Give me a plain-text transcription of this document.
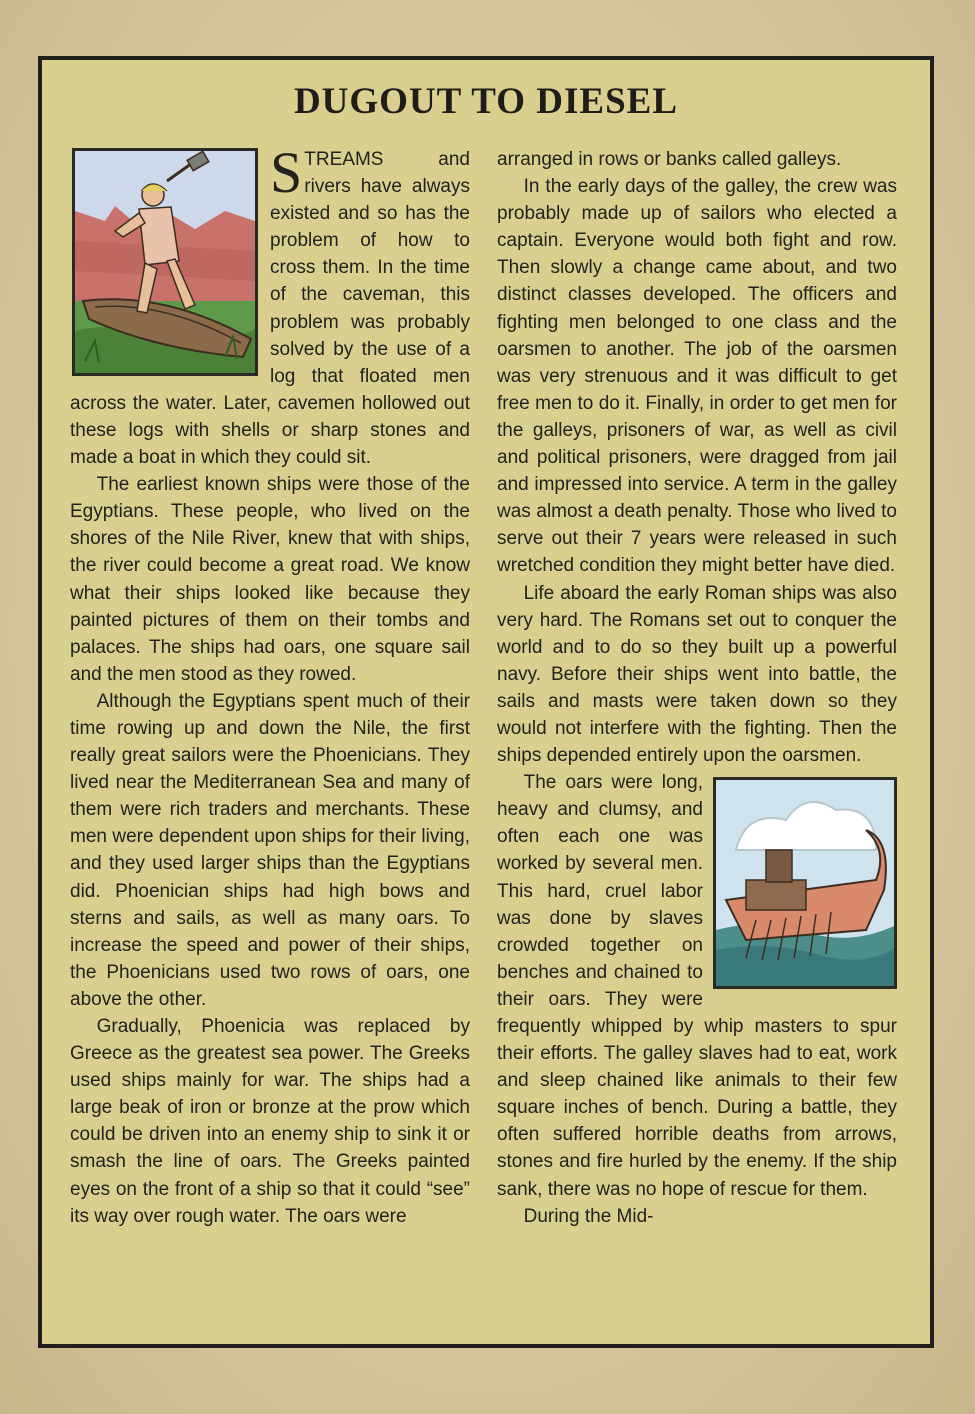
DUGOUT TO DIESEL

STREAMS and rivers have always existed and so has the problem of how to cross them. In the time of the caveman, this problem was probably solved by the use of a log that floated men across the water. Later, cavemen hollowed out these logs with shells or sharp stones and made a boat in which they could sit.

The earliest known ships were those of the Egyptians. These people, who lived on the shores of the Nile River, knew that with ships, the river could become a great road. We know what their ships looked like because they painted pictures of them on their tombs and palaces. The ships had oars, one square sail and the men stood as they rowed.

Although the Egyptians spent much of their time rowing up and down the Nile, the first really great sailors were the Phoenicians. They lived near the Mediterranean Sea and many of them were rich traders and merchants. These men were dependent upon ships for their living, and they used larger ships than the Egyptians did. Phoenician ships had high bows and sterns and sails, as well as many oars. To increase the speed and power of their ships, the Phoenicians used two rows of oars, one above the other.

Gradually, Phoenicia was replaced by Greece as the greatest sea power. The Greeks used ships mainly for war. The ships had a large beak of iron or bronze at the prow which could be driven into an enemy ship to sink it or smash the line of oars. The Greeks painted eyes on the front of a ship so that it could “see” its way over rough water. The oars were

arranged in rows or banks called galleys.

In the early days of the galley, the crew was probably made up of sailors who elected a captain. Everyone would both fight and row. Then slowly a change came about, and two distinct classes developed. The officers and fighting men belonged to one class and the oarsmen to another. The job of the oarsmen was very strenuous and it was difficult to get free men to do it. Finally, in order to get men for the galleys, prisoners of war, as well as civil and political prisoners, were dragged from jail and impressed into service. A term in the galley was almost a death penalty. Those who lived to serve out their 7 years were released in such wretched condition they might better have died.

Life aboard the early Roman ships was also very hard. The Romans set out to conquer the world and to do so they built up a powerful navy. Before their ships went into battle, the sails and masts were taken down so they would not interfere with the fighting. Then the ships depended entirely upon the oarsmen.

The oars were long, heavy and clumsy, and often each one was worked by several men. This hard, cruel labor was done by slaves crowded together on benches and chained to their oars. They were frequently whipped by whip masters to spur their efforts. The galley slaves had to eat, work and sleep chained like animals to their few square inches of bench. During a battle, they often suffered horrible deaths from arrows, stones and fire hurled by the enemy. If the ship sank, there was no hope of rescue for them.

During the Mid-
